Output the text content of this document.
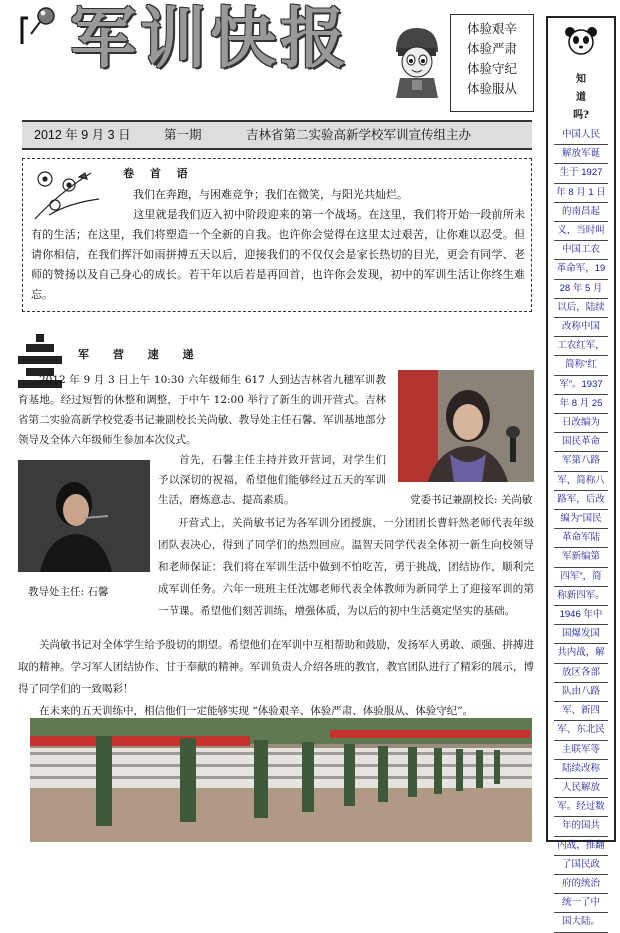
军训快报	体验艰辛
体验严肃
体验守纪
体验服从
2012 年 9 月 3 日	第一期	吉林省第二实验高新学校军训宣传组主办
卷 首 语

我们在奔跑，与困难竞争；我们在微笑，与阳光共灿烂。

这里就是我们迈入初中阶段迎来的第一个战场。在这里，我们将开始一段前所未有的生活；在这里，我们将塑造一个全新的自我。也许你会觉得在这里太过艰苦，让你难以忍受。但请你相信，在我们挥汗如雨拼搏五天以后，迎接我们的不仅仅会是家长热切的目光，更会有同学、老师的赞扬以及自己身心的成长。若干年以后若是再回首，也许你会发现，初中的军训生活让你终生难忘。

军 营 速 递
党委书记兼副校长: 关尚敏
教导处主任: 石馨

2012 年 9 月 3 日上午 10:30 六年级师生 617 人到达吉林省九穗军训教育基地。经过短暂的休整和调整，于中午 12:00 举行了新生的训开营式。吉林省第二实验高新学校党委书记兼副校长关尚敏、教导处主任石馨、军训基地部分领导及全体六年级师生参加本次仪式。

首先，石馨主任主持并致开营词，对学生们予以深切的祝福，希望他们能够经过五天的军训生活，磨炼意志、提高素质。

开营式上，关尚敏书记为各军训分团授旗，一分团团长曹轩然老师代表年级团队表决心，得到了同学们的热烈回应。温智天同学代表全体初一新生向校领导和老师保证：我们将在军训生活中做到不怕吃苦，勇于挑战，团结协作，顺利完成军训任务。六年一班班主任沈娜老师代表全体教师为新同学上了迎接军训的第一节课。希望他们刻苦训练，增强体质，为以后的初中生活奠定坚实的基础。

关尚敏书记对全体学生给予殷切的期望。希望他们在军训中互相帮助和鼓励，发扬军人勇敢、顽强、拼搏进取的精神。学习军人团结协作、甘于奉献的精神。军训负责人介绍各班的教官，教官团队进行了精彩的展示，博得了同学们的一致喝彩！

在未来的五天训练中，相信他们一定能够实现 “体验艰辛、体验严肃、体验服从、体验守纪”。

知
道
吗?
中国人民
解放军诞
生于 1927
年 8 月 1 日
的南昌起
义，当时叫
中国工农
革命军，19
28 年 5 月
以后，陆续
改称中国
工农红军，
简称“红
军”。1937
年 8 月 25
日改编为
国民革命
军第八路
军，简称八
路军，后改
编为“国民
革命军陆
军新编第
四军”，简
称新四军。
1946 年中
国爆发国
共内战，解
放区各部
队由八路
军、新四
军、东北民
主联军等
陆续改称
人民解放
军。经过数
年的国共
内战，推翻
了国民政
府的统治
统一了中
国大陆。
